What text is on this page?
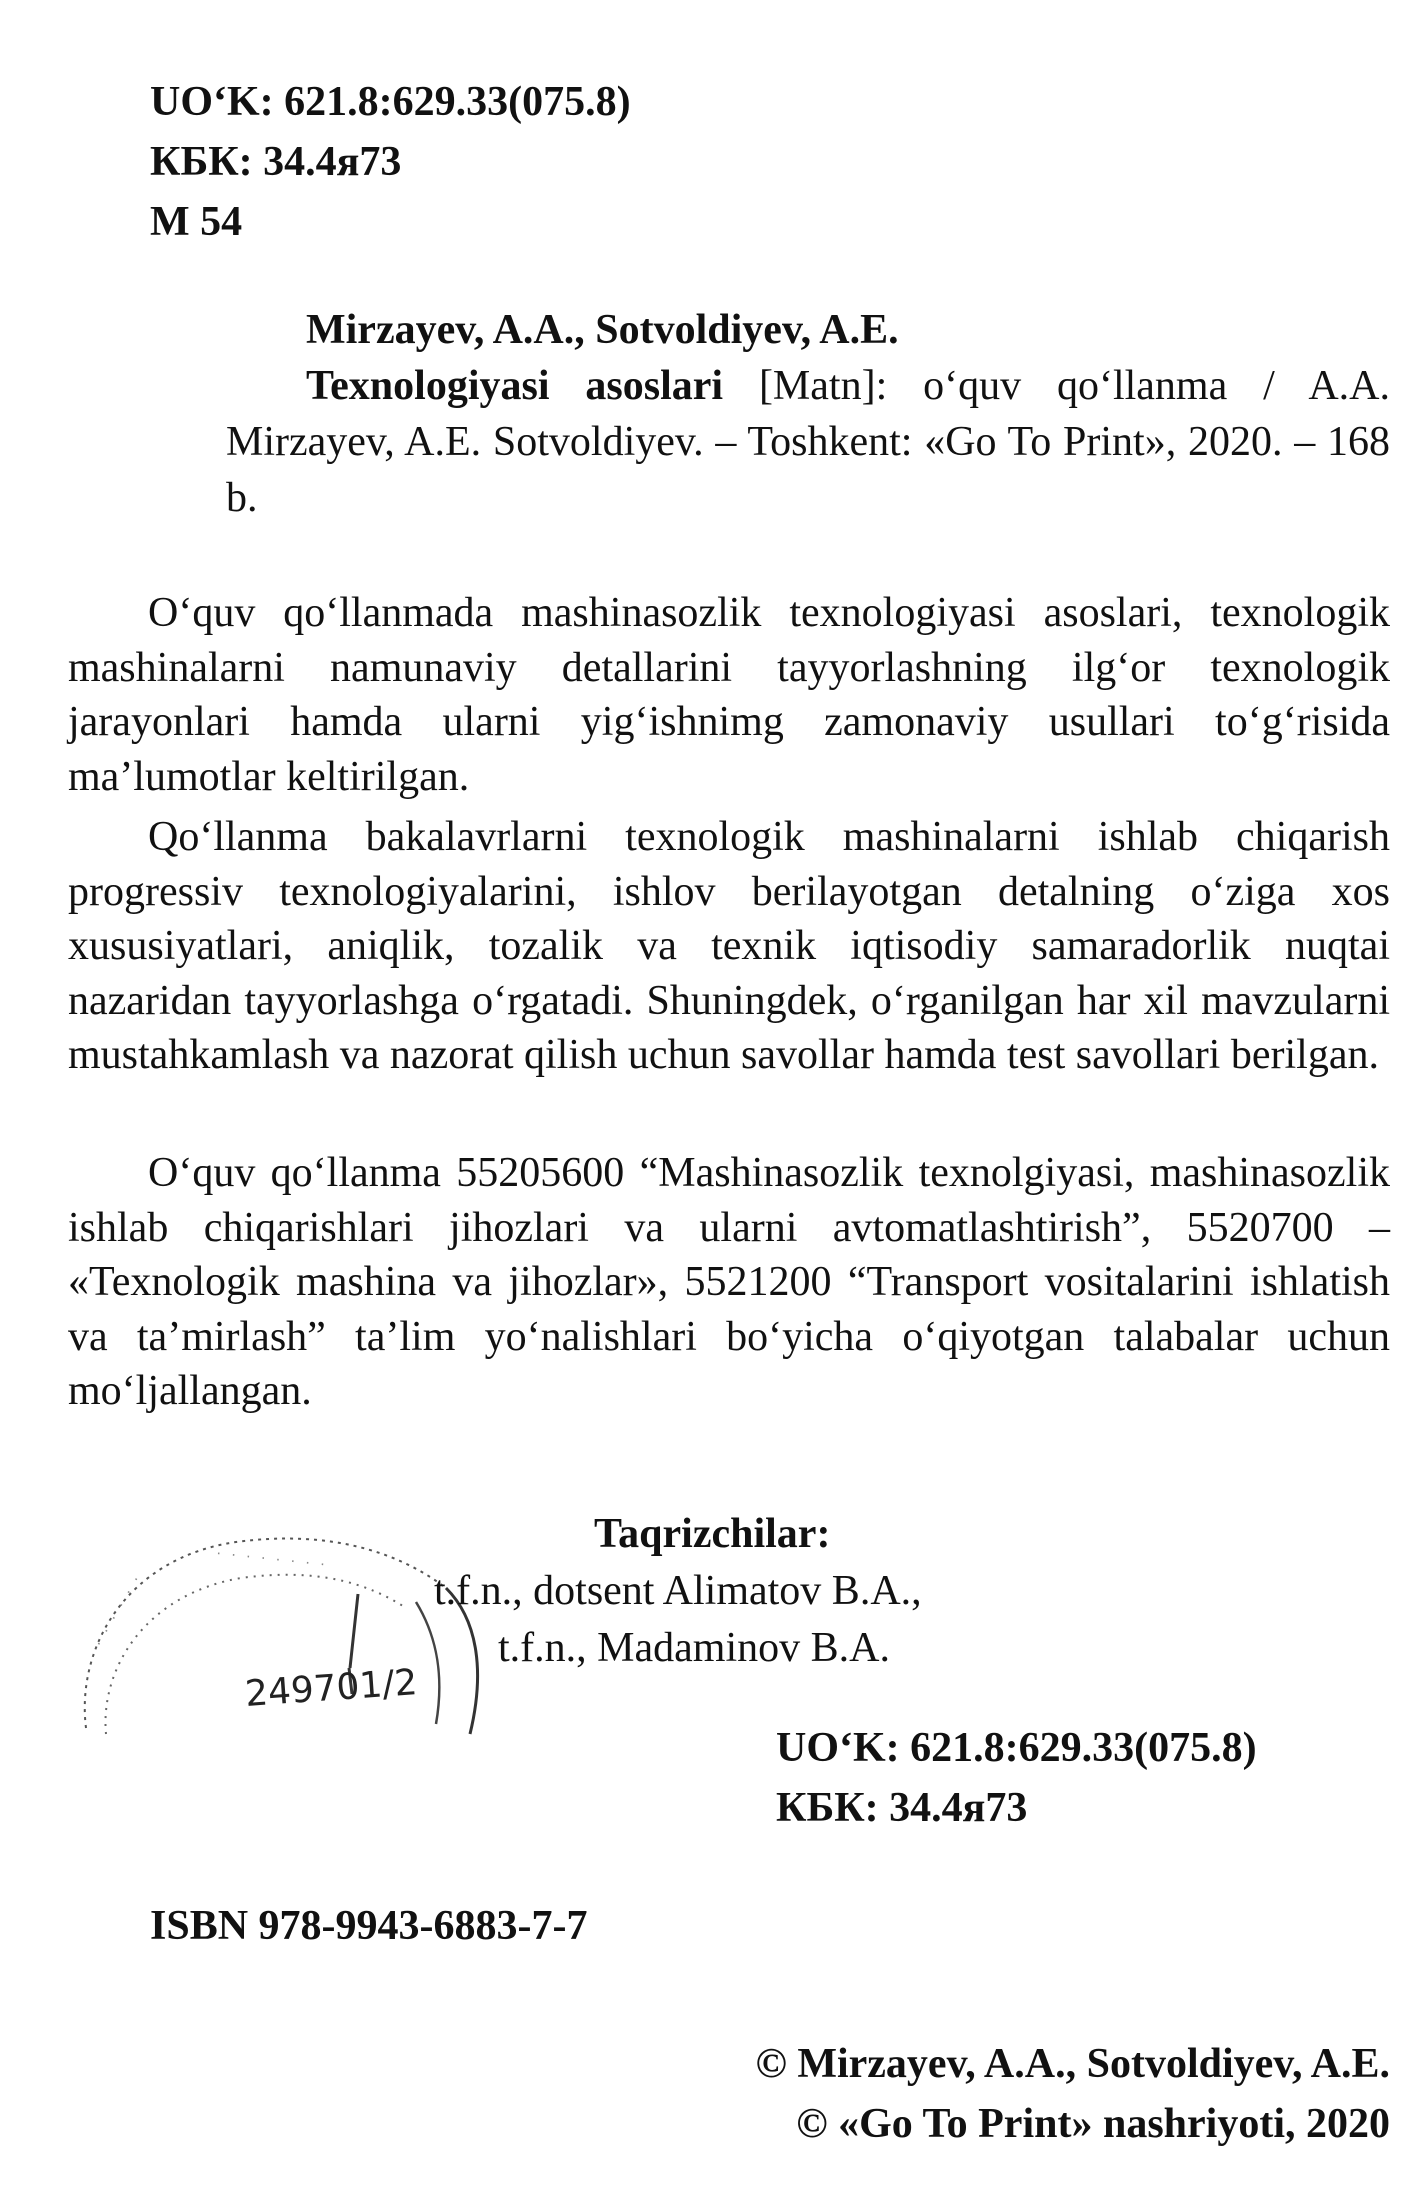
UO‘K: 621.8:629.33(075.8)
КБК: 34.4я73
M 54
Mirzayev, A.A., Sotvoldiyev, A.E.
Texnologiyasi asoslari [Matn]: o‘quv qo‘llanma / A.A. Mirzayev, A.E. Sotvoldiyev. – Toshkent: «Go To Print», 2020. – 168 b.

O‘quv qo‘llanmada mashinasozlik texnologiyasi asoslari, texnologik mashinalarni namunaviy detallarini tayyorlashning ilg‘or texnologik jarayonlari hamda ularni yig‘ishnimg zamonaviy usullari to‘g‘risida ma’lumotlar keltirilgan.

Qo‘llanma bakalavrlarni texnologik mashinalarni ishlab chiqarish progressiv texnologiyalarini, ishlov berilayotgan detalning o‘ziga xos xususiyatlari, aniqlik, tozalik va texnik iqtisodiy samaradorlik nuqtai nazaridan tayyorlashga o‘rgatadi. Shuningdek, o‘rganilgan har xil mavzularni mustahkamlash va nazorat qilish uchun savollar hamda test savollari berilgan.

O‘quv qo‘llanma 55205600 “Mashinasozlik texnolgiyasi, mashinasozlik ishlab chiqarishlari jihozlari va ularni avtomatlashtirish”, 5520700 – «Texnologik mashina va jihozlar», 5521200 “Transport vositalarini ishlatish va ta’mirlash” ta’lim yo‘nalishlari bo‘yicha o‘qiyotgan talabalar uchun mo‘ljallangan.

249701/2
· · · · · · · ·
· · · · · ·
Taqrizchilar:
t.f.n., dotsent Alimatov B.A.,
t.f.n., Madaminov B.A.
UO‘K: 621.8:629.33(075.8)
КБК: 34.4я73
ISBN 978-9943-6883-7-7
© Mirzayev, A.A., Sotvoldiyev, A.E.
© «Go To Print» nashriyoti, 2020
